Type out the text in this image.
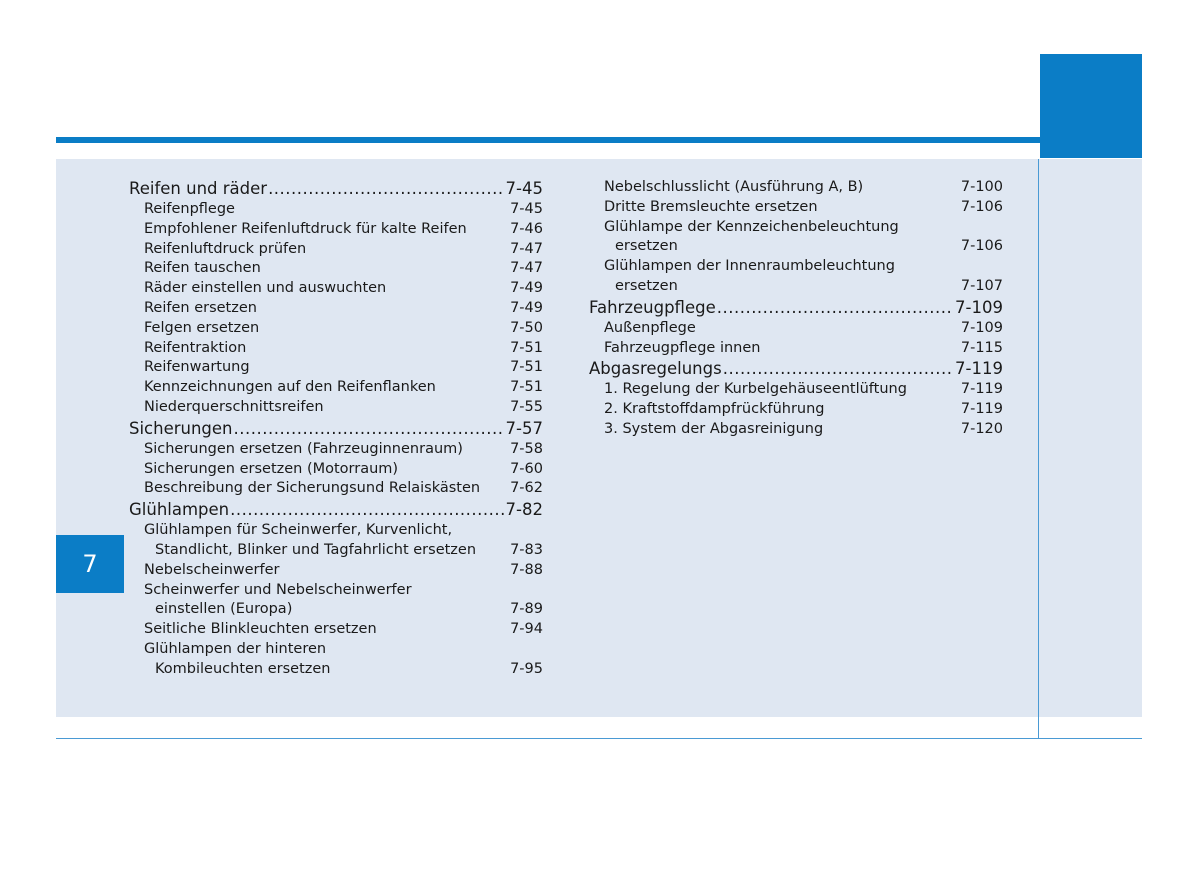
7
Reifen und räder .....	7-45
Reifenpflege .....	7-45
Empfohlener Reifenluftdruck für kalte Reifen .....	7-46
Reifenluftdruck prüfen .....	7-47
Reifen tauschen .....	7-47
Räder einstellen und auswuchten .....	7-49
Reifen ersetzen .....	7-49
Felgen ersetzen .....	7-50
Reifentraktion .....	7-51
Reifenwartung .....	7-51
Kennzeichnungen auf den Reifenflanken .....	7-51
Niederquerschnittsreifen .....	7-55
Sicherungen .....	7-57
Sicherungen ersetzen (Fahrzeuginnenraum) .....	7-58
Sicherungen ersetzen (Motorraum) .....	7-60
Beschreibung der Sicherungsund Relaiskästen ..... 7-62
Glühlampen .....	7-82
Glühlampen für Scheinwerfer, Kurvenlicht,
Standlicht, Blinker und Tagfahrlicht ersetzen ..... 7-83
Nebelscheinwerfer .....	7-88
Scheinwerfer und Nebelscheinwerfer
einstellen (Europa) .....	7-89
Seitliche Blinkleuchten ersetzen .....	7-94
Glühlampen der hinteren
Kombileuchten ersetzen .....	7-95
Nebelschlusslicht (Ausführung A, B) .....	7-100
Dritte Bremsleuchte ersetzen .....	7-106
Glühlampe der Kennzeichenbeleuchtung
ersetzen .....	7-106
Glühlampen der Innenraumbeleuchtung
ersetzen .....	7-107
Fahrzeugpflege .....	7-109
Außenpflege .....	7-109
Fahrzeugpflege innen .....	7-115
Abgasregelungs .....	7-119
1. Regelung der Kurbelgehäuseentlüftung .....	7-119
2. Kraftstoffdampfrückführung .....	7-119
3. System der Abgasreinigung .....	7-120
